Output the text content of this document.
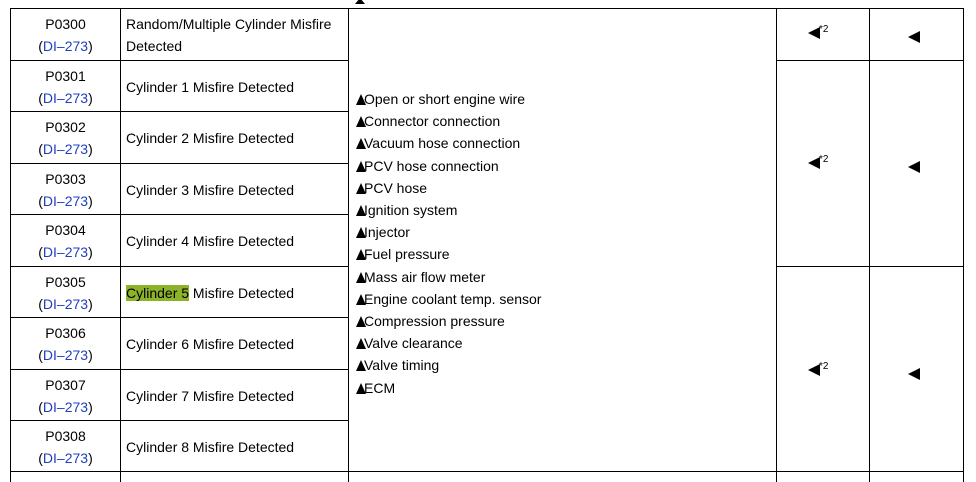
P0300
(DI–273)
P0301
(DI–273)
P0302
(DI–273)
P0303
(DI–273)
P0304
(DI–273)
P0305
(DI–273)
P0306
(DI–273)
P0307
(DI–273)
P0308
(DI–273)
Random/Multiple Cylinder Misfire Detected
Cylinder 1 Misfire Detected
Cylinder 2 Misfire Detected
Cylinder 3 Misfire Detected
Cylinder 4 Misfire Detected
Cylinder 5 Misfire Detected
Cylinder 6 Misfire Detected
Cylinder 7 Misfire Detected
Cylinder 8 Misfire Detected
Open or short engine wire
Connector connection
Vacuum hose connection
PCV hose connection
PCV hose
Ignition system
Injector
Fuel pressure
Mass air flow meter
Engine coolant temp. sensor
Compression pressure
Valve clearance
Valve timing
ECM
$^{*2}$
$^{*2}$
$^{*2}$
